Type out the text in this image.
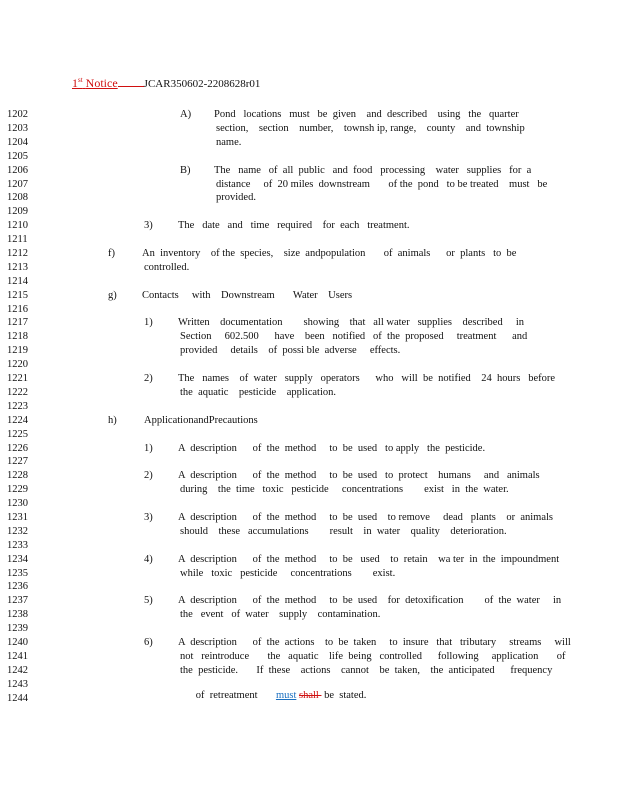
1st Notice JCAR350602-2208628r01
1202
1203
1204
1205
1206
1207
1208
1209
1210
1211
1212
1213
1214
1215
1216
1217
1218
1219
1220
1221
1222
1223
1224
1225
1226
1227
1228
1229
1230
1231
1232
1233
1234
1235
1236
1237
1238
1239
1240
1241
1242
1243
1244
A) Pond   locations   must   be  given    and  described    using   the   quarter
section,    section    number,    townsh ip, range,    county    and  township
name.
B) The   name   of  all  public   and  food   processing    water   supplies   for  a
distance     of  20 miles  downstream       of the  pond   to be treated    must   be
provided.
3) The   date   and   time   required    for  each   treatment.
f)	An  inventory    of the  species,    size  andpopulation       of  animals      or  plants   to  be
controlled.
g) Contacts     with    Downstream       Water    Users
1) Written    documentation        showing    that   all water   supplies    described     in
Section     602.500      have    been   notified   of  the  proposed     treatment      and
provided     details    of  possi ble  adverse     effects.
2) The   names    of  water   supply   operators      who   will  be  notified    24  hours   before
the  aquatic    pesticide    application.
h)	ApplicationandPrecautions
1) A  description      of  the  method     to  be  used   to apply   the  pesticide.
2) A  description      of  the  method     to  be  used   to  protect    humans     and   animals
during    the  time   toxic   pesticide     concentrations        exist   in  the  water.
3) A  description      of  the  method     to  be  used    to remove     dead   plants    or  animals
should    these   accumulations        result    in  water    quality    deterioration.
4) A  description      of  the  method     to  be   used    to  retain    wa ter  in  the  impoundment
while   toxic   pesticide     concentrations        exist.
5) A  description      of  the  method     to  be  used    for  detoxification        of  the  water     in
the   event   of  water    supply    contamination.
6) A  description      of  the  actions    to  be  taken     to  insure   that   tributary     streams     will
not   reintroduce       the   aquatic    life  being   controlled      following     application       of
the  pesticide.       If  these    actions    cannot    be  taken,    the  anticipated      frequency

of  retreatment       must shall  be  stated.
